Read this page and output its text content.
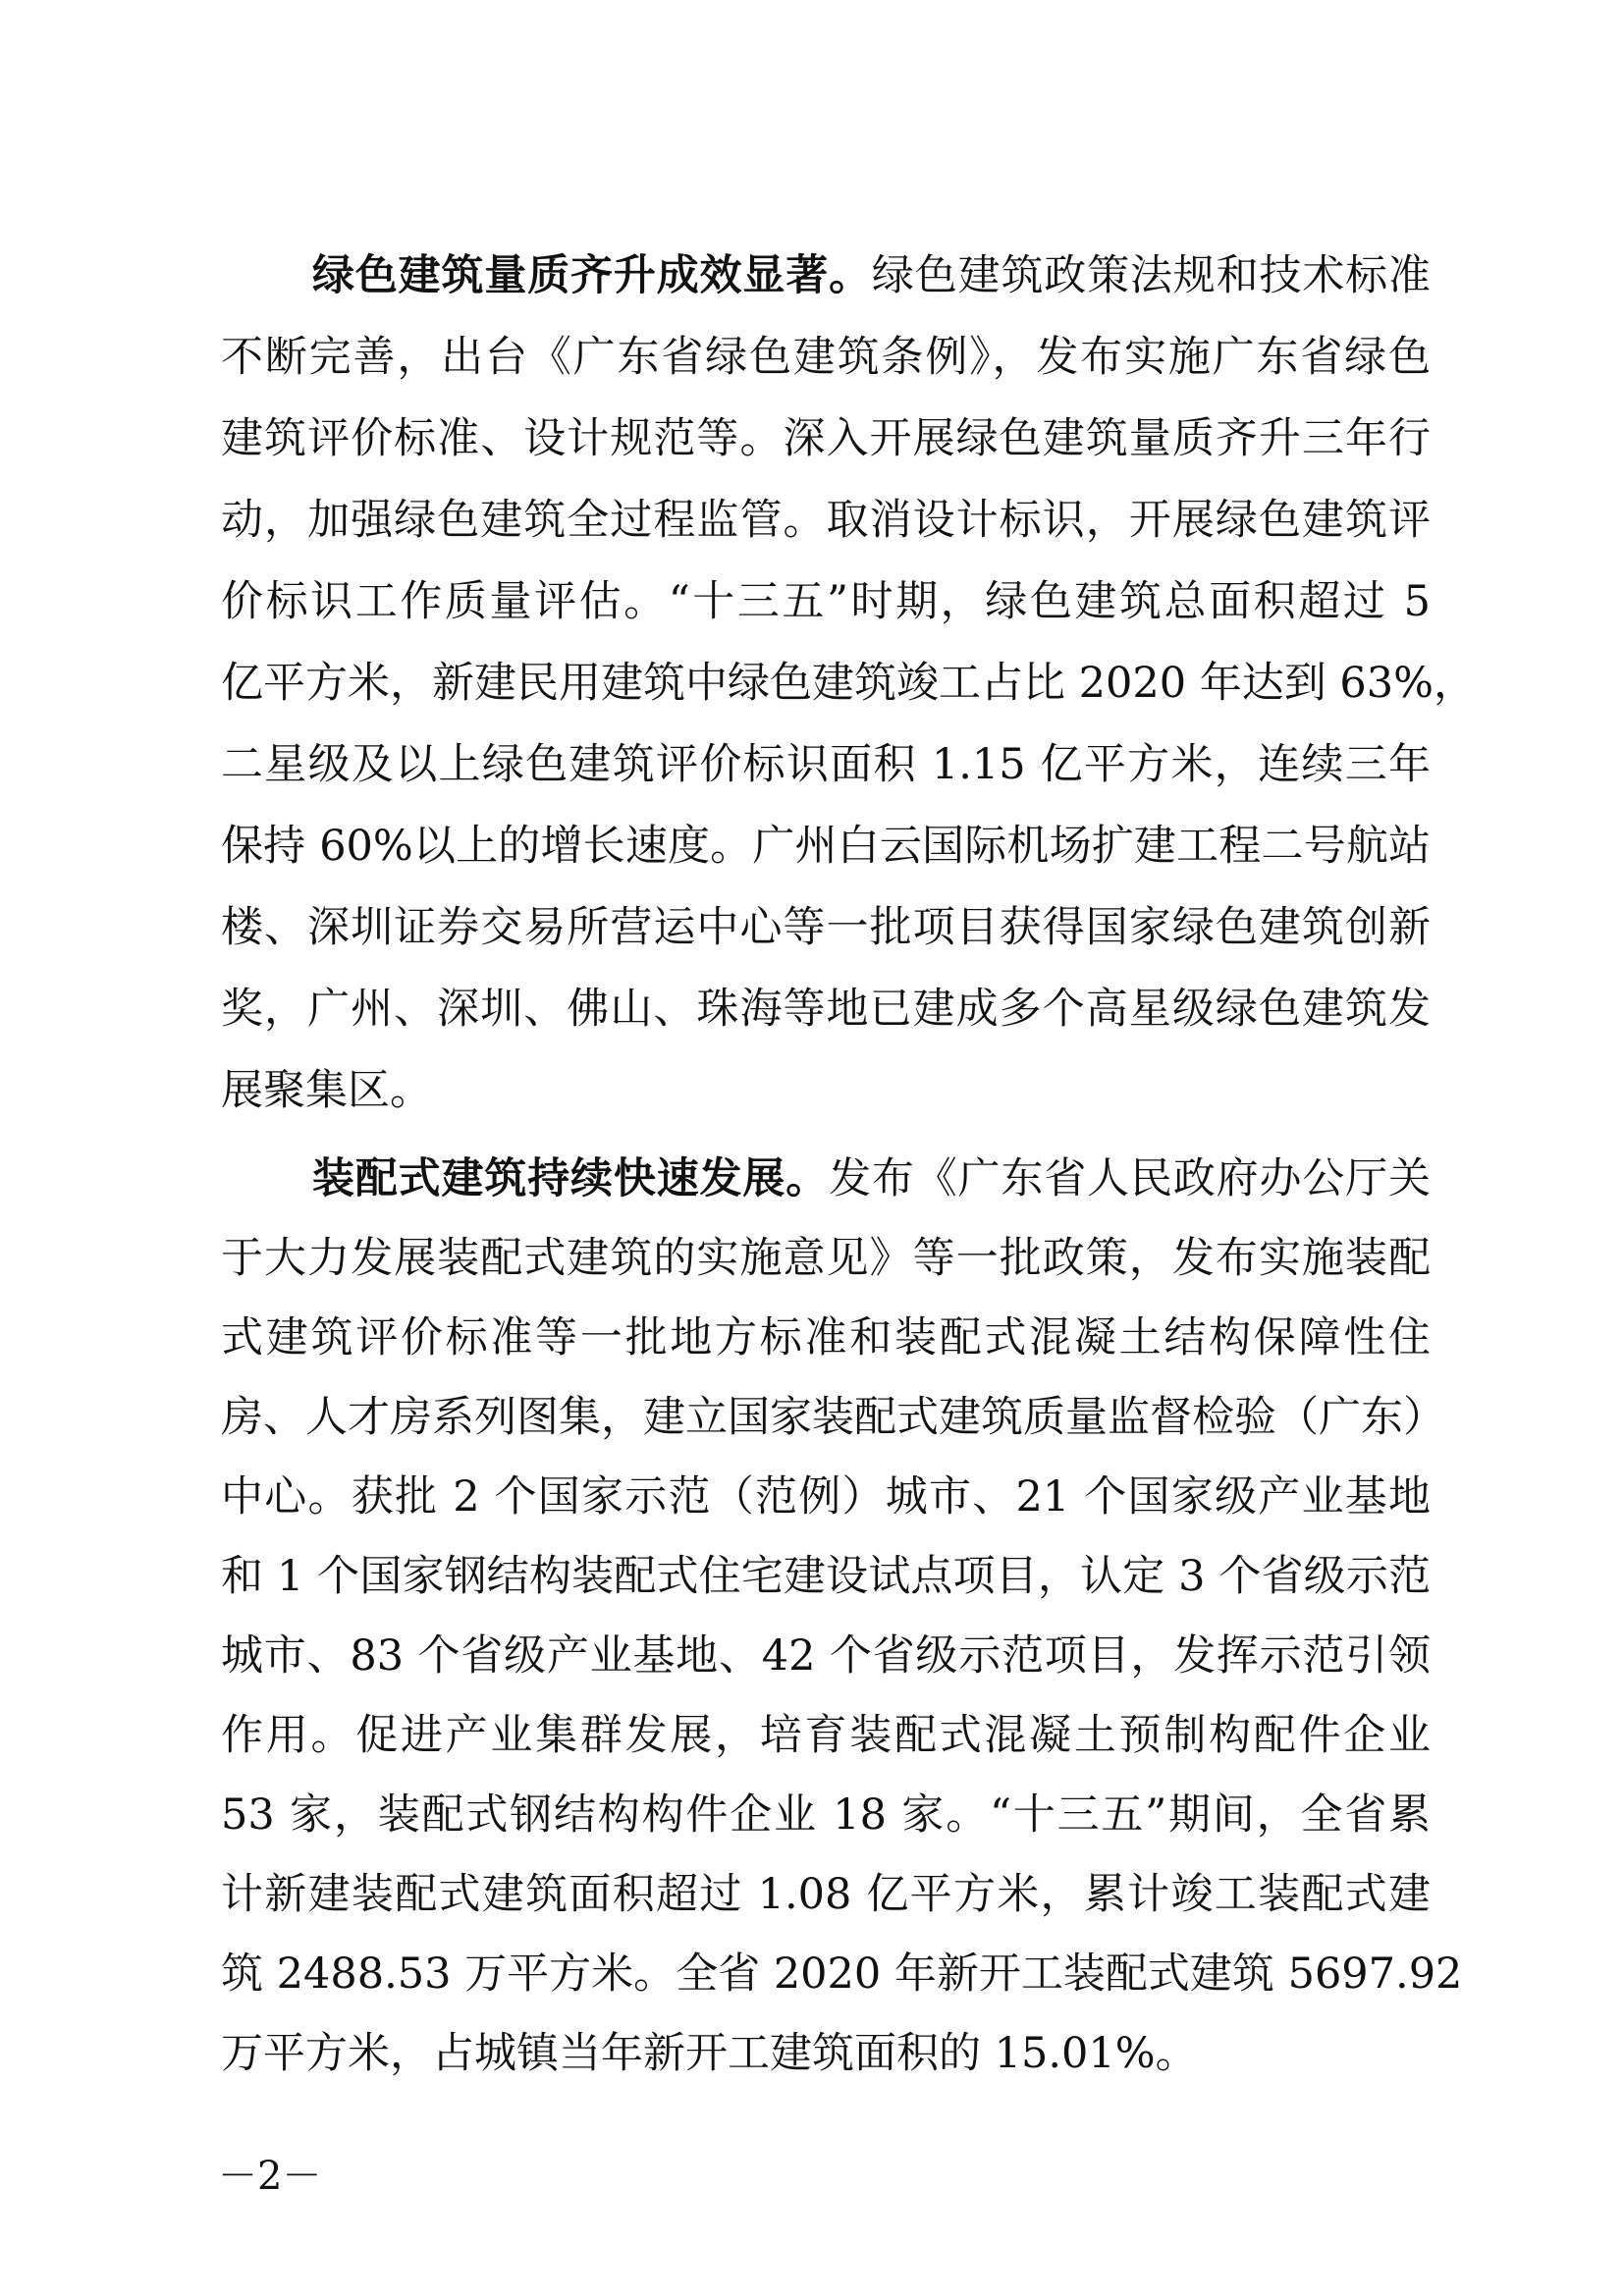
绿色建筑量质齐升成效显著。绿色建筑政策法规和技术标准
不断完善，出台《广东省绿色建筑条例》，发布实施广东省绿色
建筑评价标准、设计规范等。深入开展绿色建筑量质齐升三年行
动，加强绿色建筑全过程监管。取消设计标识，开展绿色建筑评
价标识工作质量评估。“十三五”时期，绿色建筑总面积超过 5
亿平方米，新建民用建筑中绿色建筑竣工占比 2020 年达到 63%，
二星级及以上绿色建筑评价标识面积 1.15 亿平方米，连续三年
保持 60%以上的增长速度。广州白云国际机场扩建工程二号航站
楼、深圳证券交易所营运中心等一批项目获得国家绿色建筑创新
奖，广州、深圳、佛山、珠海等地已建成多个高星级绿色建筑发
展聚集区。
装配式建筑持续快速发展。发布《广东省人民政府办公厅关
于大力发展装配式建筑的实施意见》等一批政策，发布实施装配
式建筑评价标准等一批地方标准和装配式混凝土结构保障性住
房、人才房系列图集，建立国家装配式建筑质量监督检验（广东）
中心。获批 2 个国家示范（范例）城市、21 个国家级产业基地
和 1 个国家钢结构装配式住宅建设试点项目，认定 3 个省级示范
城市、83 个省级产业基地、42 个省级示范项目，发挥示范引领
作用。促进产业集群发展，培育装配式混凝土预制构配件企业
53 家，装配式钢结构构件企业 18 家。“十三五”期间，全省累
计新建装配式建筑面积超过 1.08 亿平方米，累计竣工装配式建
筑 2488.53 万平方米。全省 2020 年新开工装配式建筑 5697.92
万平方米，占城镇当年新开工建筑面积的 15.01%。
－2－
